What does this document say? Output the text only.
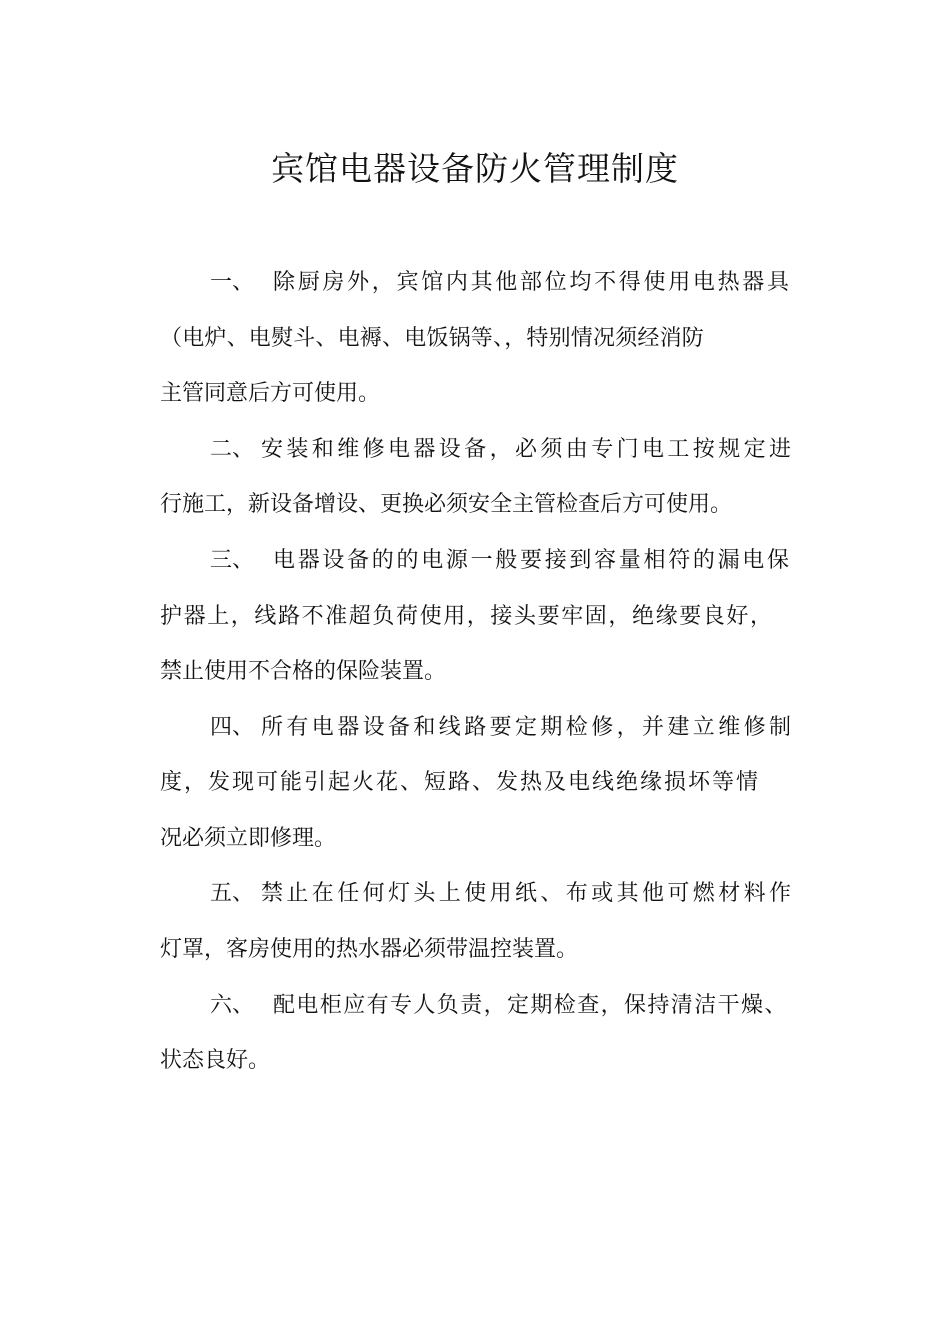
宾馆电器设备防火管理制度
一、 除厨房外，宾馆内其他部位均不得使用电热器具
（电炉、电熨斗、电褥、电饭锅等、，特别情况须经消防
主管同意后方可使用。
二、 安装和维修电器设备，必须由专门电工按规定进
行施工，新设备增设、更换必须安全主管检查后方可使用。
三、 电器设备的的电源一般要接到容量相符的漏电保
护器上，线路不准超负荷使用，接头要牢固，绝缘要良好，
禁止使用不合格的保险装置。
四、 所有电器设备和线路要定期检修，并建立维修制
度，发现可能引起火花、短路、发热及电线绝缘损坏等情
况必须立即修理。
五、 禁止在任何灯头上使用纸、布或其他可燃材料作
灯罩，客房使用的热水器必须带温控装置。
六、 配电柜应有专人负责，定期检查，保持清洁干燥、
状态良好。
